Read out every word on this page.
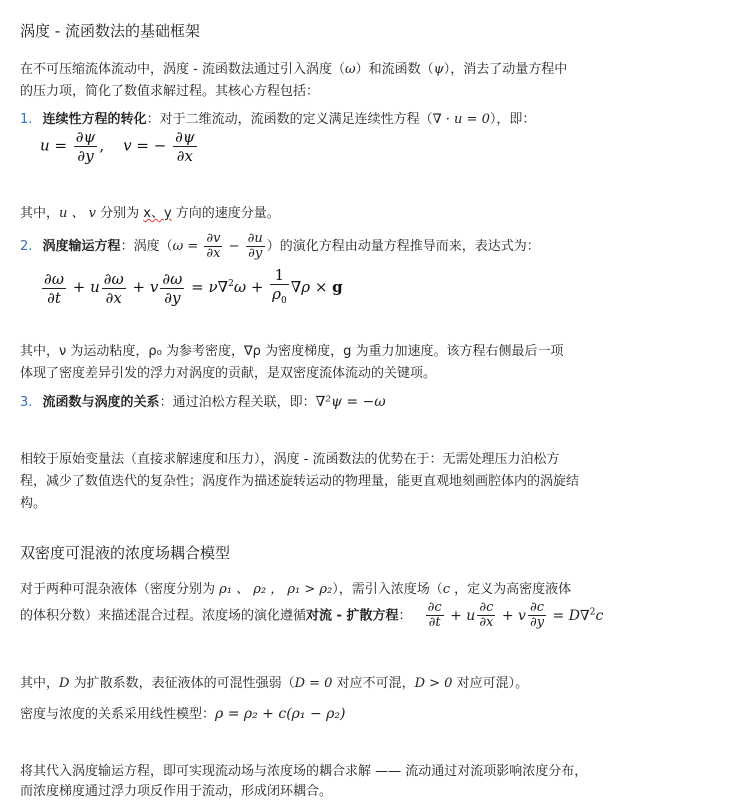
涡度 - 流函数法的基础框架
在不可压缩流体流动中，涡度 - 流函数法通过引入涡度（ω）和流函数（ψ），消去了动量方程中
的压力项，简化了数值求解过程。其核心方程包括：
1. 连续性方程的转化：对于二维流动，流函数的定义满足连续性方程（∇ · u = 0），即：
$u = \frac{\partial\psi}{\partial y}$ ,    v = − $\frac{\partial\psi}{\partial x}$
其中，u 、 v 分别为 x、y 方向的速度分量。
2. 涡度输运方程：涡度（$\omega = \frac{\partial v}{\partial x} - \frac{\partial u}{\partial y}$ ）的演化方程由动量方程推导而来，表达式为：
$\frac{\partial\omega}{\partial t} + u \frac{\partial\omega}{\partial x} + v \frac{\partial\omega}{\partial y} = \nu\nabla^2\omega + \frac{1}{\rho_0} \nabla\rho \times g$
其中，ν 为运动粘度，ρ₀ 为参考密度，∇ρ 为密度梯度，g 为重力加速度。该方程右侧最后一项
体现了密度差异引发的浮力对涡度的贡献，是双密度流体流动的关键项。
3. 流函数与涡度的关系：通过泊松方程关联，即：∇²ψ = −ω
相较于原始变量法（直接求解速度和压力），涡度 - 流函数法的优势在于：无需处理压力泊松方
程，减少了数值迭代的复杂性；涡度作为描述旋转运动的物理量，能更直观地刻画腔体内的涡旋结
构。
双密度可混液的浓度场耦合模型
对于两种可混杂液体（密度分别为 ρ₁ 、 ρ₂ ， ρ₁ > ρ₂），需引入浓度场（c ，定义为高密度液体
的体积分数）来描述混合过程。浓度场的演化遵循对流 - 扩散方程： $\frac{\partial c}{\partial t} + u \frac{\partial c}{\partial x} + v \frac{\partial c}{\partial y} = D\nabla^2c$
其中，D 为扩散系数，表征液体的可混性强弱（D = 0 对应不可混，D > 0 对应可混）。
密度与浓度的关系采用线性模型：ρ = ρ₂ + c(ρ₁ − ρ₂)
将其代入涡度输运方程，即可实现流动场与浓度场的耦合求解 —— 流动通过对流项影响浓度分布，
而浓度梯度通过浮力项反作用于流动，形成闭环耦合。
